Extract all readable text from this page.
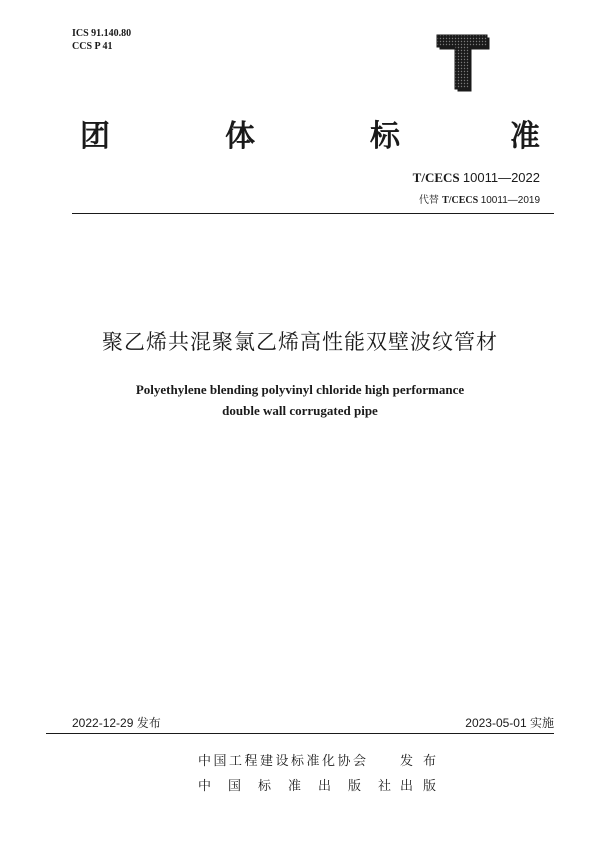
ICS 91.140.80
CCS P 41
团	体	标	准
T/CECS 10011—2022
代替 T/CECS 10011—2019
聚乙烯共混聚氯乙烯高性能双壁波纹管材
Polyethylene blending polyvinyl chloride high performance
double wall corrugated pipe
2022-12-29 发布	2023-05-01 实施
中国工程建设标准化协会 发布
中国标准出版社
出版
